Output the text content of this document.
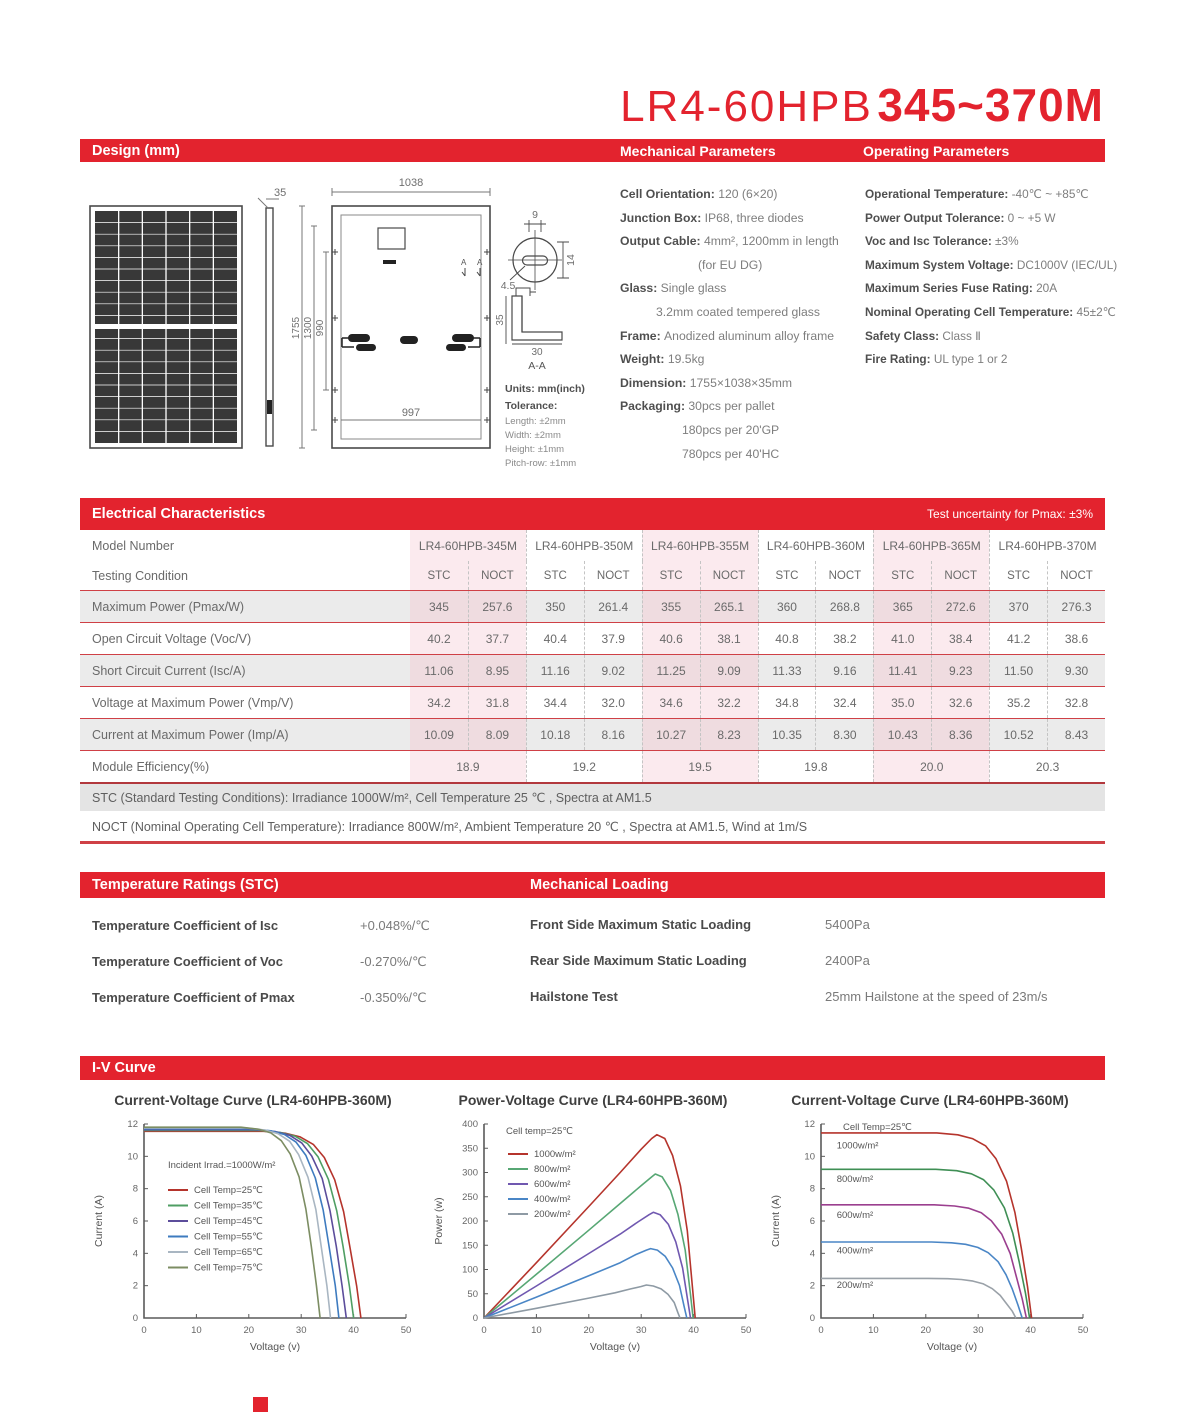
LR4-60HPB 345~370M
Design (mm)	Mechanical Parameters	Operating Parameters
35
A A
1038
997
1755 1300 990
9
4.5
14
35
30
A-A
Units: mm(inch)
Tolerance:
Length: ±2mm
Width: ±2mm
Height: ±1mm
Pitch-row: ±1mm
Cell Orientation: 120 (6×20)
Junction Box: IP68, three diodes
Output Cable: 4mm², 1200mm in length
(for EU DG)
Glass: Single glass
3.2mm coated tempered glass
Frame: Anodized aluminum alloy frame
Weight: 19.5kg
Dimension: 1755×1038×35mm
Packaging: 30pcs per pallet
180pcs per 20'GP
780pcs per 40'HC
Operational Temperature: -40℃ ~ +85℃
Power Output Tolerance: 0 ~ +5 W
Voc and Isc Tolerance: ±3%
Maximum System Voltage: DC1000V (IEC/UL)
Maximum Series Fuse Rating: 20A
Nominal Operating Cell Temperature: 45±2℃
Safety Class: Class Ⅱ
Fire Rating: UL type 1 or 2
Electrical Characteristics	Test uncertainty for Pmax: ±3%
Model Number	LR4-60HPB-345M	LR4-60HPB-350M	LR4-60HPB-355M	LR4-60HPB-360M	LR4-60HPB-365M	LR4-60HPB-370M
Testing Condition	STC	NOCT	STC	NOCT	STC	NOCT	STC	NOCT	STC	NOCT	STC	NOCT
Maximum Power (Pmax/W)	345	257.6	350	261.4	355	265.1	360	268.8	365	272.6	370	276.3
Open Circuit Voltage (Voc/V)	40.2	37.7	40.4	37.9	40.6	38.1	40.8	38.2	41.0	38.4	41.2	38.6
Short Circuit Current (Isc/A)	11.06	8.95	11.16	9.02	11.25	9.09	11.33	9.16	11.41	9.23	11.50	9.30
Voltage at Maximum Power (Vmp/V)	34.2	31.8	34.4	32.0	34.6	32.2	34.8	32.4	35.0	32.6	35.2	32.8
Current at Maximum Power (Imp/A)	10.09	8.09	10.18	8.16	10.27	8.23	10.35	8.30	10.43	8.36	10.52	8.43
Module Efficiency(%)	18.9	19.2	19.5	19.8	20.0	20.3
STC (Standard Testing Conditions): Irradiance 1000W/m², Cell Temperature 25 ℃ , Spectra at AM1.5
NOCT (Nominal Operating Cell Temperature): Irradiance 800W/m², Ambient Temperature 20 ℃ , Spectra at AM1.5, Wind at 1m/S
Temperature Ratings (STC)	Mechanical Loading
Temperature Coefficient of Isc	+0.048%/℃
Temperature Coefficient of Voc	-0.270%/℃
Temperature Coefficient of Pmax	-0.350%/℃
Front Side Maximum Static Loading	5400Pa
Rear Side Maximum Static Loading	2400Pa
Hailstone Test	25mm Hailstone at the speed of 23m/s
I-V Curve
Current-Voltage Curve (LR4-60HPB-360M)
0	10	20	30	40	50
0
2
4
6
8
10
12
Voltage (v)
Current (A)
Incident Irrad.=1000W/m²
Cell Temp=25℃
Cell Temp=35℃
Cell Temp=45℃
Cell Temp=55℃
Cell Temp=65℃
Cell Temp=75℃
Power-Voltage Curve (LR4-60HPB-360M)
0	10	20	30	40	50
0
50
100
150
200
250
300
350
400
Voltage (v)
Power (w)
Cell temp=25℃
1000w/m²
800w/m²
600w/m²
400w/m²
200w/m²
Current-Voltage Curve (LR4-60HPB-360M)
0	10	20	30	40	50
0
2
4
6
8
10
12
Voltage (v)
Current (A)
Cell Temp=25℃
1000w/m²
800w/m²
600w/m²
400w/m²
200w/m²
